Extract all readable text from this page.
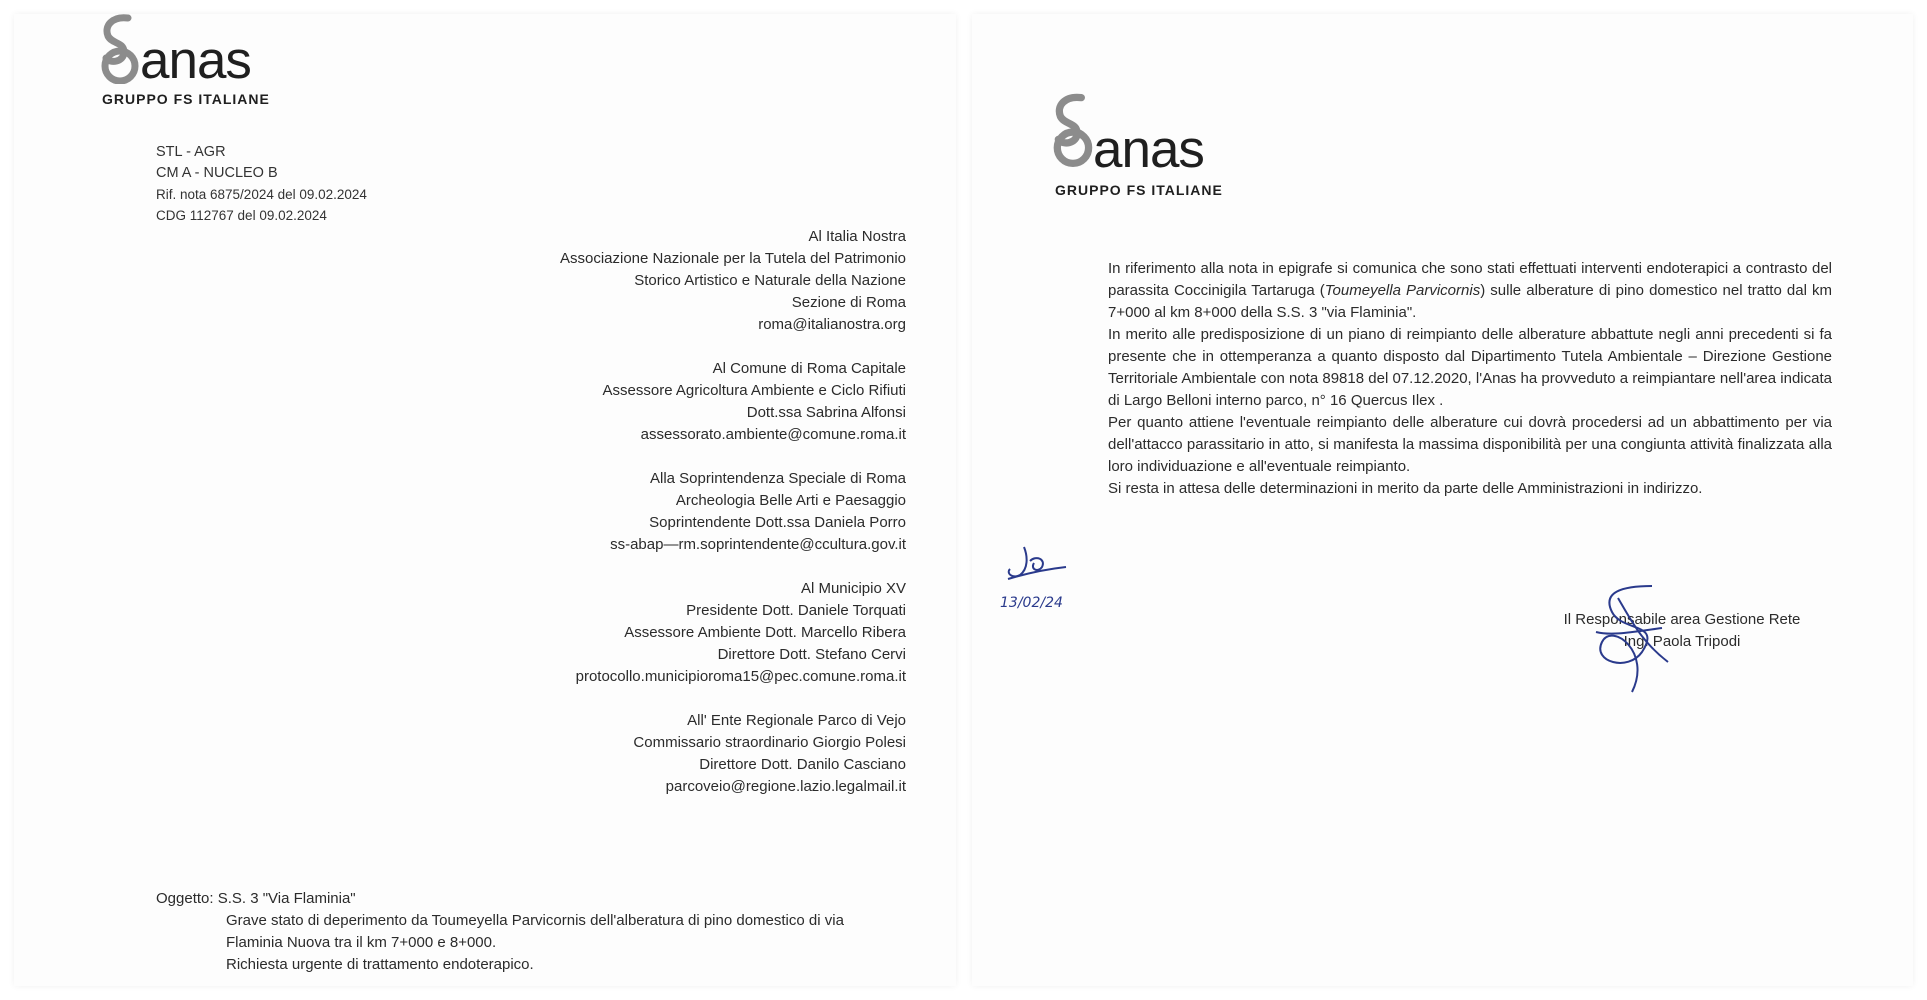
anas
GRUPPO FS ITALIANE
STL - AGR
CM A - NUCLEO B
Rif. nota 6875/2024 del 09.02.2024
CDG 112767 del 09.02.2024
Al Italia Nostra
Associazione Nazionale per la Tutela del Patrimonio
Storico Artistico e Naturale della Nazione
Sezione di Roma
roma@italianostra.org
Al Comune di Roma Capitale
Assessore Agricoltura Ambiente e Ciclo Rifiuti
Dott.ssa Sabrina Alfonsi
assessorato.ambiente@comune.roma.it
Alla Soprintendenza Speciale di Roma
Archeologia Belle Arti e Paesaggio
Soprintendente Dott.ssa Daniela Porro
ss-abap—rm.soprintendente@ccultura.gov.it
Al Municipio XV
Presidente Dott. Daniele Torquati
Assessore Ambiente Dott. Marcello Ribera
Direttore Dott. Stefano Cervi
protocollo.municipioroma15@pec.comune.roma.it
All' Ente Regionale Parco di Vejo
Commissario straordinario Giorgio Polesi
Direttore Dott. Danilo Casciano
parcoveio@regione.lazio.legalmail.it
Oggetto: S.S. 3 "Via Flaminia"
Grave stato di deperimento da Toumeyella Parvicornis dell'alberatura di pino domestico di via Flaminia Nuova tra il km 7+000 e 8+000.
Richiesta urgente di trattamento endoterapico.
anas
GRUPPO FS ITALIANE

In riferimento alla nota in epigrafe si comunica che sono stati effettuati interventi endoterapici a contrasto del parassita Coccinigila Tartaruga (Toumeyella Parvicornis) sulle alberature di pino domestico nel tratto dal km 7+000 al km 8+000 della S.S. 3 "via Flaminia".

In merito alle predisposizione di un piano di reimpianto delle alberature abbattute negli anni precedenti si fa presente che in ottemperanza a quanto disposto dal Dipartimento Tutela Ambientale – Direzione Gestione Territoriale Ambientale con nota 89818 del 07.12.2020, l'Anas ha provveduto a reimpiantare nell'area indicata di Largo Belloni interno parco, n° 16 Quercus Ilex .

Per quanto attiene l'eventuale reimpianto delle alberature cui dovrà procedersi ad un abbattimento per via dell'attacco parassitario in atto, si manifesta la massima disponibilità per una congiunta attività finalizzata alla loro individuazione e all'eventuale reimpianto.

Si resta in attesa delle determinazioni in merito da parte delle Amministrazioni in indirizzo.

13/02/24
Il Responsabile area Gestione Rete
Ing. Paola Tripodi
